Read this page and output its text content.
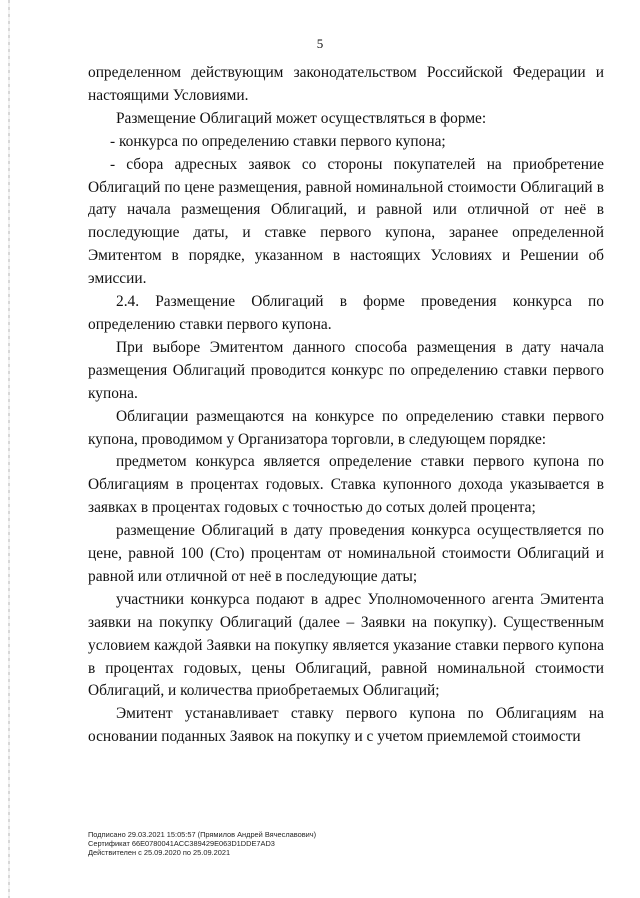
5

определенном действующим законодательством Российской Федерации и настоящими Условиями.

Размещение Облигаций может осуществляться в форме:

- конкурса по определению ставки первого купона;

- сбора адресных заявок со стороны покупателей на приобретение Облигаций по цене размещения, равной номинальной стоимости Облигаций в дату начала размещения Облигаций, и равной или отличной от неё в последующие даты, и ставке первого купона, заранее определенной Эмитентом в порядке, указанном в настоящих Условиях и Решении об эмиссии.

2.4. Размещение Облигаций в форме проведения конкурса по определению ставки первого купона.

При выборе Эмитентом данного способа размещения в дату начала размещения Облигаций проводится конкурс по определению ставки первого купона.

Облигации размещаются на конкурсе по определению ставки первого купона, проводимом у Организатора торговли, в следующем порядке:

предметом конкурса является определение ставки первого купона по Облигациям в процентах годовых. Ставка купонного дохода указывается в заявках в процентах годовых с точностью до сотых долей процента;

размещение Облигаций в дату проведения конкурса осуществляется по цене, равной 100 (Сто) процентам от номинальной стоимости Облигаций и равной или отличной от неё в последующие даты;

участники конкурса подают в адрес Уполномоченного агента Эмитента заявки на покупку Облигаций (далее – Заявки на покупку). Существенным условием каждой Заявки на покупку является указание ставки первого купона в процентах годовых, цены Облигаций, равной номинальной стоимости Облигаций, и количества приобретаемых Облигаций;

Эмитент устанавливает ставку первого купона по Облигациям на основании поданных Заявок на покупку и с учетом приемлемой стоимости

Подписано 29.03.2021 15:05:57 (Прямилов Андрей Вячеславович)
Сертификат 66E0780041ACC389429E063D1DDE7AD3
Действителен с 25.09.2020 по 25.09.2021
